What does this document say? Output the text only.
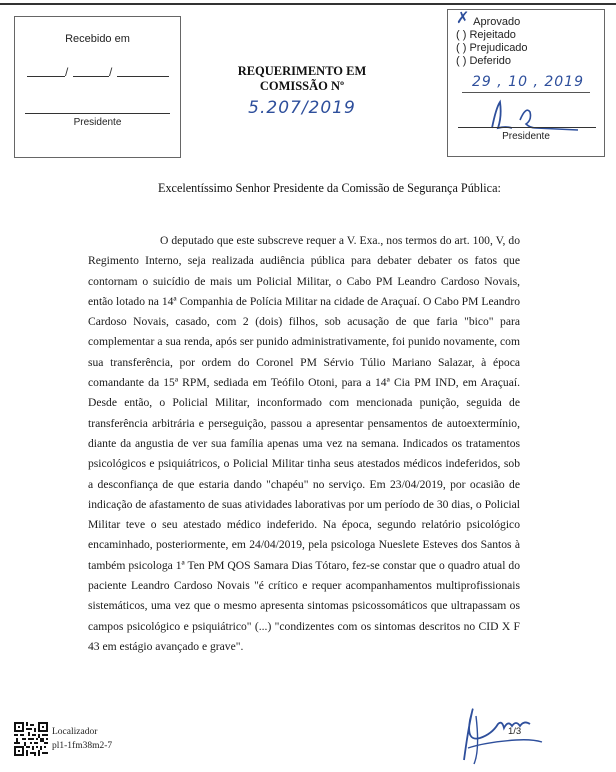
Recebido em
/	/
Presidente
REQUERIMENTO EM
COMISSÃO Nº
5.207/2019
✗ Aprovado
( ) Rejeitado
( ) Prejudicado
( ) Deferido
29 , 10 , 2019
Presidente
Excelentíssimo Senhor Presidente da Comissão de Segurança Pública:
O deputado que este subscreve requer a V. Exa., nos termos do art. 100, V, do Regimento Interno, seja realizada audiência pública para debater debater os fatos que contornam o suicídio de mais um Policial Militar, o Cabo PM Leandro Cardoso Novais, então lotado na 14ª Companhia de Polícia Militar na cidade de Araçuaí. O Cabo PM Leandro Cardoso Novais, casado, com 2 (dois) filhos, sob acusação de que faria "bico" para complementar a sua renda, após ser punido administrativamente, foi punido novamente, com sua transferência, por ordem do Coronel PM Sérvio Túlio Mariano Salazar, à época comandante da 15ª RPM, sediada em Teófilo Otoni, para a 14ª Cia PM IND, em Araçuaí. Desde então, o Policial Militar, inconformado com mencionada punição, seguida de transferência arbitrária e perseguição, passou a apresentar pensamentos de autoextermínio, diante da angustia de ver sua família apenas uma vez na semana. Indicados os tratamentos psicológicos e psiquiátricos, o Policial Militar tinha seus atestados médicos indeferidos, sob a desconfiança de que estaria dando "chapéu" no serviço. Em 23/04/2019, por ocasião de indicação de afastamento de suas atividades laborativas por um período de 30 dias, o Policial Militar teve o seu atestado médico indeferido. Na época, segundo relatório psicológico encaminhado, posteriormente, em 24/04/2019, pela psicologa Nueslete Esteves dos Santos à também psicologa 1ª Ten PM QOS Samara Dias Tótaro, fez-se constar que o quadro atual do paciente Leandro Cardoso Novais "é crítico e requer acompanhamentos multiprofissionais sistemáticos, uma vez que o mesmo apresenta sintomas psicossomáticos que ultrapassam os campos psicológico e psiquiátrico" (...) "condizentes com os sintomas descritos no CID X F 43 em estágio avançado e grave".
Localizador
pl1-1fm38m2-7
1/3
